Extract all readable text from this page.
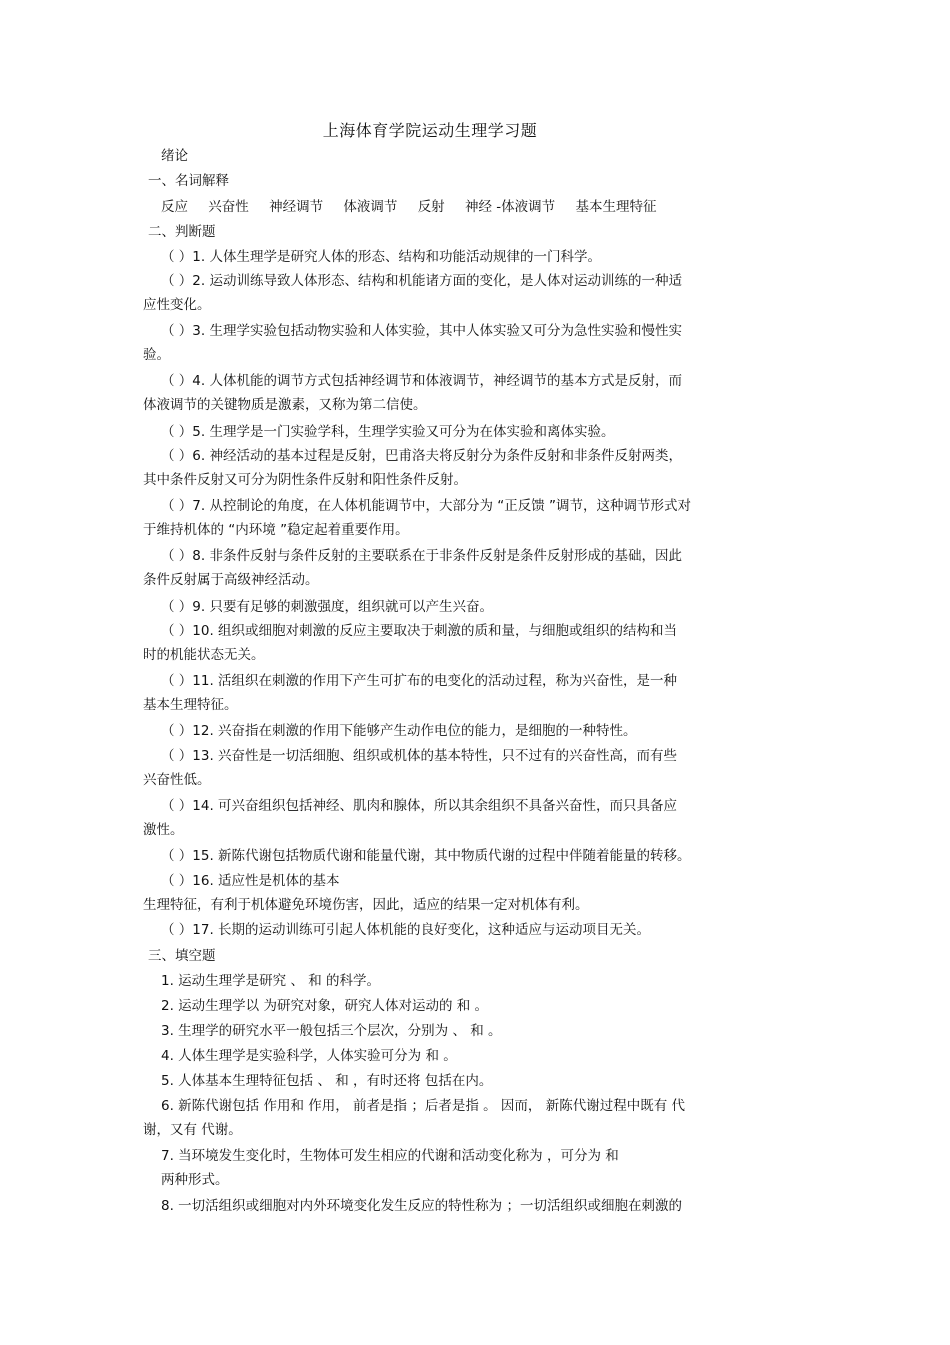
上海体育学院运动生理学习题
绪论
一、名词解释
反应 兴奋性 神经调节 体液调节 反射 神经 -体液调节 基本生理特征
二、判断题
（ ）1. 人体生理学是研究人体的形态、结构和功能活动规律的一门科学。
（ ）2. 运动训练导致人体形态、结构和机能诸方面的变化，是人体对运动训练的一种适
应性变化。
（ ）3. 生理学实验包括动物实验和人体实验，其中人体实验又可分为急性实验和慢性实
验。
（ ）4. 人体机能的调节方式包括神经调节和体液调节，神经调节的基本方式是反射，而
体液调节的关键物质是激素，又称为第二信使。
（ ）5. 生理学是一门实验学科，生理学实验又可分为在体实验和离体实验。
（ ）6. 神经活动的基本过程是反射，巴甫洛夫将反射分为条件反射和非条件反射两类，
其中条件反射又可分为阴性条件反射和阳性条件反射。
（ ）7. 从控制论的角度，在人体机能调节中，大部分为 “正反馈 ”调节，这种调节形式对
于维持机体的 “内环境 ”稳定起着重要作用。
（ ）8. 非条件反射与条件反射的主要联系在于非条件反射是条件反射形成的基础，因此
条件反射属于高级神经活动。
（ ）9. 只要有足够的刺激强度，组织就可以产生兴奋。
（ ）10. 组织或细胞对刺激的反应主要取决于刺激的质和量，与细胞或组织的结构和当
时的机能状态无关。
（ ）11. 活组织在刺激的作用下产生可扩布的电变化的活动过程，称为兴奋性，是一种
基本生理特征。
（ ）12. 兴奋指在刺激的作用下能够产生动作电位的能力，是细胞的一种特性。
（ ）13. 兴奋性是一切活细胞、组织或机体的基本特性，只不过有的兴奋性高，而有些
兴奋性低。
（ ）14. 可兴奋组织包括神经、肌肉和腺体，所以其余组织不具备兴奋性，而只具备应
激性。
（ ）15. 新陈代谢包括物质代谢和能量代谢，其中物质代谢的过程中伴随着能量的转移。
（ ）16. 适应性是机体的基本
生理特征，有利于机体避免环境伤害，因此，适应的结果一定对机体有利。
（ ）17. 长期的运动训练可引起人体机能的良好变化，这种适应与运动项目无关。
三、填空题
1. 运动生理学是研究 、 和 的科学。
2. 运动生理学以 为研究对象，研究人体对运动的 和 。
3. 生理学的研究水平一般包括三个层次，分别为 、 和 。
4. 人体生理学是实验科学，人体实验可分为 和 。
5. 人体基本生理特征包括 、 和 ，有时还将 包括在内。
6. 新陈代谢包括 作用和 作用， 前者是指 ；后者是指 。 因而， 新陈代谢过程中既有 代
谢，又有 代谢。
7. 当环境发生变化时，生物体可发生相应的代谢和活动变化称为 ，可分为 和
两种形式。
8. 一切活组织或细胞对内外环境变化发生反应的特性称为 ；一切活组织或细胞在刺激的
